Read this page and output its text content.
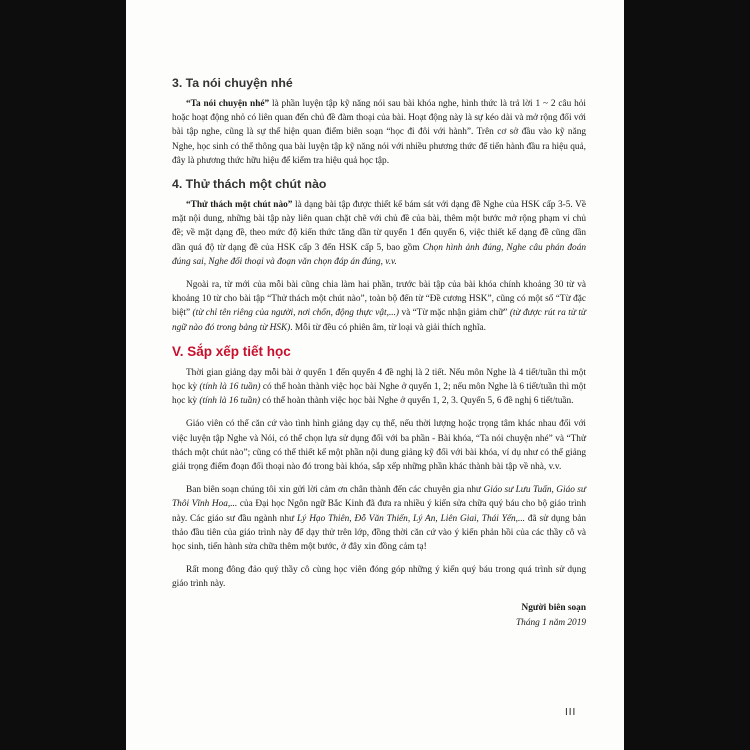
3. Ta nói chuyện nhé

“Ta nói chuyện nhé” là phần luyện tập kỹ năng nói sau bài khóa nghe, hình thức là trả lời 1 ~ 2 câu hỏi hoặc hoạt động nhỏ có liên quan đến chủ đề đàm thoại của bài. Hoạt động này là sự kéo dài và mở rộng đối với bài tập nghe, cũng là sự thể hiện quan điểm biên soạn “học đi đôi với hành”. Trên cơ sở đầu vào kỹ năng Nghe, học sinh có thể thông qua bài luyện tập kỹ năng nói với nhiều phương thức để tiến hành đầu ra hiệu quả, đây là phương thức hữu hiệu để kiểm tra hiệu quả học tập.

4. Thử thách một chút nào

“Thử thách một chút nào” là dạng bài tập được thiết kế bám sát với dạng đề Nghe của HSK cấp 3-5. Về mặt nội dung, những bài tập này liên quan chặt chẽ với chủ đề của bài, thêm một bước mở rộng phạm vi chủ đề; về mặt dạng đề, theo mức độ kiến thức tăng dần từ quyển 1 đến quyển 6, việc thiết kế dạng đề cũng dần dần quá độ từ dạng đề của HSK cấp 3 đến HSK cấp 5, bao gồm Chọn hình ảnh đúng, Nghe câu phán đoán đúng sai, Nghe đối thoại và đoạn văn chọn đáp án đúng, v.v.

Ngoài ra, từ mới của mỗi bài cũng chia làm hai phần, trước bài tập của bài khóa chính khoảng 30 từ và khoảng 10 từ cho bài tập “Thử thách một chút nào”, toàn bộ đến từ “Đề cương HSK”, cũng có một số “Từ đặc biệt” (từ chỉ tên riêng của người, nơi chốn, động thực vật,...) và “Từ mặc nhận giảm chữ” (từ được rút ra từ từ ngữ nào đó trong bảng từ HSK). Mỗi từ đều có phiên âm, từ loại và giải thích nghĩa.

V. Sắp xếp tiết học

Thời gian giảng dạy mỗi bài ở quyển 1 đến quyển 4 đề nghị là 2 tiết. Nếu môn Nghe là 4 tiết/tuần thì một học kỳ (tính là 16 tuần) có thể hoàn thành việc học bài Nghe ở quyển 1, 2; nếu môn Nghe là 6 tiết/tuần thì một học kỳ (tính là 16 tuần) có thể hoàn thành việc học bài Nghe ở quyển 1, 2, 3. Quyển 5, 6 đề nghị 6 tiết/tuần.

Giáo viên có thể căn cứ vào tình hình giảng dạy cụ thể, nếu thời lượng hoặc trọng tâm khác nhau đối với việc luyện tập Nghe và Nói, có thể chọn lựa sử dụng đối với ba phần - Bài khóa, “Ta nói chuyện nhé” và “Thử thách một chút nào”; cũng có thể thiết kế một phần nội dung giảng kỹ đối với bài khóa, ví dụ như có thể giảng giải trọng điểm đoạn đối thoại nào đó trong bài khóa, sắp xếp những phần khác thành bài tập về nhà, v.v.

Ban biên soạn chúng tôi xin gửi lời cảm ơn chân thành đến các chuyên gia như Giáo sư Lưu Tuấn, Giáo sư Thôi Vĩnh Hoa,... của Đại học Ngôn ngữ Bắc Kinh đã đưa ra nhiều ý kiến sửa chữa quý báu cho bộ giáo trình này. Các giáo sư đầu ngành như Lý Hạo Thiên, Đỗ Văn Thiến, Lý An, Liên Giai, Thái Yến,... đã sử dụng bản thảo đầu tiên của giáo trình này để dạy thử trên lớp, đồng thời căn cứ vào ý kiến phản hồi của các thầy cô và học sinh, tiến hành sửa chữa thêm một bước, ở đây xin đồng cảm tạ!

Rất mong đông đảo quý thầy cô cùng học viên đóng góp những ý kiến quý báu trong quá trình sử dụng giáo trình này.

Người biên soạn

Tháng 1 năm 2019

III
